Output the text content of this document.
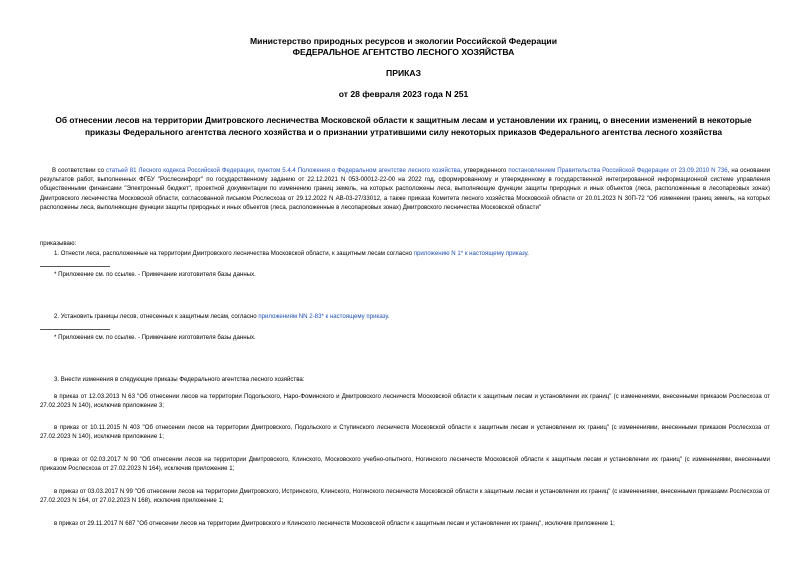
Министерство природных ресурсов и экологии Российской Федерации
ФЕДЕРАЛЬНОЕ АГЕНТСТВО ЛЕСНОГО ХОЗЯЙСТВА
ПРИКАЗ
от 28 февраля 2023 года N 251
Об отнесении лесов на территории Дмитровского лесничества Московской области к защитным лесам и установлении их границ, о внесении изменений в некоторые приказы Федерального агентства лесного хозяйства и о признании утратившими силу некоторых приказов Федерального агентства лесного хозяйства
В соответствии со статьей 81 Лесного кодекса Российской Федерации, пунктом 5.4.4 Положения о Федеральном агентстве лесного хозяйства, утвержденного постановлением Правительства Российской Федерации от 23.09.2010 N 736, на основании результатов работ, выполненных ФГБУ "Рослесинфорг" по государственному заданию от 22.12.2021 N 053-00012-22-00 на 2022 год, сформированному и утвержденному в государственной интегрированной информационной системе управления общественными финансами "Электронный бюджет", проектной документации по изменению границ земель, на которых расположены леса, выполняющие функции защиты природных и иных объектов (леса, расположенные в лесопарковых зонах) Дмитровского лесничества Московской области, согласованной письмом Рослесхоза от 29.12.2022 N АВ-03-27/33012, а также приказа Комитета лесного хозяйства Московской области от 20.01.2023 N 30П-72 "Об изменении границ земель, на которых расположены леса, выполняющие функции защиты природных и иных объектов (леса, расположенные в лесопарковых зонах) Дмитровского лесничества Московской области"
приказываю:
1. Отнести леса, расположенные на территории Дмитровского лесничества Московской области, к защитным лесам согласно приложению N 1* к настоящему приказу.
* Приложение см. по ссылке. - Примечание изготовителя базы данных.
2. Установить границы лесов, отнесенных к защитным лесам, согласно приложениям NN 2-83* к настоящему приказу.
* Приложения см. по ссылке. - Примечание изготовителя базы данных.
3. Внести изменения в следующие приказы Федерального агентства лесного хозяйства:
в приказ от 12.03.2013 N 63 "Об отнесении лесов на территории Подольского, Наро-Фоминского и Дмитровского лесничеств Московской области к защитным лесам и установлении их границ" (с изменениями, внесенными приказом Рослесхоза от 27.02.2023 N 140), исключив приложение 3;
в приказ от 10.11.2015 N 403 "Об отнесении лесов на территории Дмитровского, Подольского и Ступинского лесничеств Московской области к защитным лесам и установлении их границ" (с изменениями, внесенными приказом Рослесхоза от 27.02.2023 N 140), исключив приложение 1;
в приказ от 02.03.2017 N 90 "Об отнесении лесов на территории Дмитровского, Клинского, Московского учебно-опытного, Ногинского лесничеств Московской области к защитным лесам и установлении их границ" (с изменениями, внесенными приказом Рослесхоза от 27.02.2023 N 164), исключив приложение 1;
в приказ от 03.03.2017 N 99 "Об отнесении лесов на территории Дмитровского, Истринского, Клинского, Ногинского лесничеств Московской области к защитным лесам и установлении их границ" (с изменениями, внесенными приказами Рослесхоза от 27.02.2023 N 164, от 27.02.2023 N 168), исключив приложение 1;
в приказ от 29.11.2017 N 687 "Об отнесении лесов на территории Дмитровского и Клинского лесничеств Московской области к защитным лесам и установлении их границ", исключив приложение 1;
